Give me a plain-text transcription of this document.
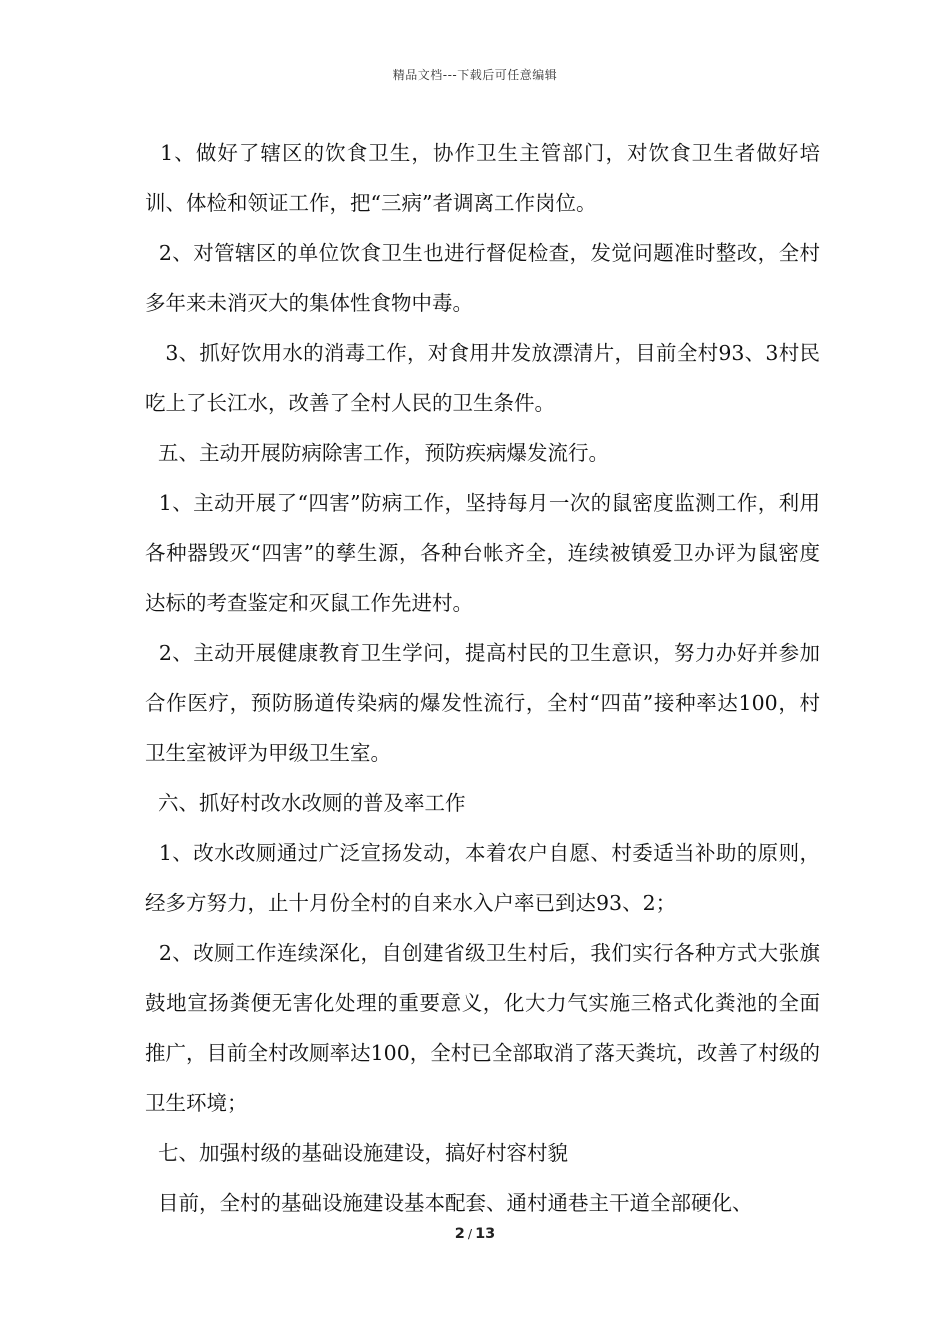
精品文档---下载后可任意编辑

1、做好了辖区的饮食卫生，协作卫生主管部门，对饮食卫生者做好培训、体检和领证工作，把“三病”者调离工作岗位。

2、对管辖区的单位饮食卫生也进行督促检查，发觉问题准时整改，全村多年来未消灭大的集体性食物中毒。

3、抓好饮用水的消毒工作，对食用井发放漂清片，目前全村93、3村民吃上了长江水，改善了全村人民的卫生条件。

五、主动开展防病除害工作，预防疾病爆发流行。

1、主动开展了“四害”防病工作，坚持每月一次的鼠密度监测工作，利用各种器毁灭“四害”的孳生源，各种台帐齐全，连续被镇爱卫办评为鼠密度达标的考查鉴定和灭鼠工作先进村。

2、主动开展健康教育卫生学问，提高村民的卫生意识，努力办好并参加合作医疗，预防肠道传染病的爆发性流行，全村“四苗”接种率达100，村卫生室被评为甲级卫生室。

六、抓好村改水改厕的普及率工作

1、改水改厕通过广泛宣扬发动，本着农户自愿、村委适当补助的原则，经多方努力，止十月份全村的自来水入户率已到达93、2；

2、改厕工作连续深化，自创建省级卫生村后，我们实行各种方式大张旗鼓地宣扬粪便无害化处理的重要意义，化大力气实施三格式化粪池的全面推广，目前全村改厕率达100，全村已全部取消了落天粪坑，改善了村级的卫生环境；

七、加强村级的基础设施建设，搞好村容村貌

目前，全村的基础设施建设基本配套、通村通巷主干道全部硬化、

2 / 13
